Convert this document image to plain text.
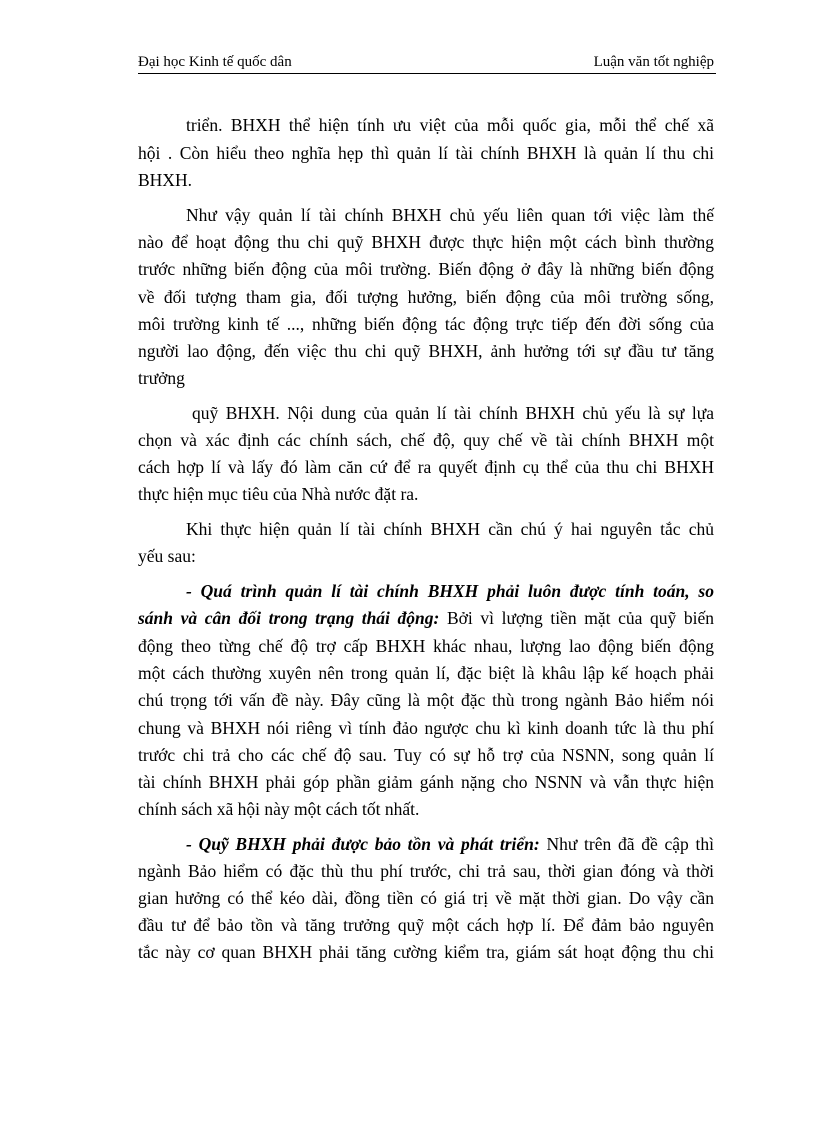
Đại học Kinh tế quốc dân	Luận văn tốt nghiệp
triển. BHXH thể hiện tính ưu việt của mỗi quốc gia, mỗi thể chế xã
hội . Còn hiểu theo nghĩa hẹp thì quản lí tài chính BHXH là quản lí thu chi
BHXH.
Như vậy quản lí tài chính BHXH chủ yếu liên quan tới việc làm thế
nào để hoạt động thu chi quỹ BHXH được thực hiện một cách bình thường
trước những biến động của môi trường. Biến động ở đây là những biến động
về đối tượng tham gia, đối tượng hưởng, biến động của môi trường sống,
môi trường kinh tế ..., những biến động tác động trực tiếp đến đời sống của
người lao động, đến việc thu chi quỹ BHXH, ảnh hưởng tới sự đầu tư tăng
trưởng
quỹ BHXH. Nội dung của quản lí tài chính BHXH chủ yếu là sự lựa
chọn và xác định các chính sách, chế độ, quy chế về tài chính BHXH một
cách hợp lí và lấy đó làm căn cứ để ra quyết định cụ thể của thu chi BHXH
thực hiện mục tiêu của Nhà nước đặt ra.
Khi thực hiện quản lí tài chính BHXH cần chú ý hai nguyên tắc chủ
yếu sau:
- Quá trình quản lí tài chính BHXH phải luôn được tính toán, so
sánh và cân đối trong trạng thái động: Bởi vì lượng tiền mặt của quỹ biến
động theo từng chế độ trợ cấp BHXH khác nhau, lượng lao động biến động
một cách thường xuyên nên trong quản lí, đặc biệt là khâu lập kế hoạch phải
chú trọng tới vấn đề này. Đây cũng là một đặc thù trong ngành Bảo hiểm nói
chung và BHXH nói riêng vì tính đảo ngược chu kì kinh doanh tức là thu phí
trước chi trả cho các chế độ sau. Tuy có sự hỗ trợ của NSNN, song quản lí
tài chính BHXH phải góp phần giảm gánh nặng cho NSNN và vẫn thực hiện
chính sách xã hội này một cách tốt nhất.
- Quỹ BHXH phải được bảo tồn và phát triển: Như trên đã đề cập thì
ngành Bảo hiểm có đặc thù thu phí trước, chi trả sau, thời gian đóng và thời
gian hưởng có thể kéo dài, đồng tiền có giá trị về mặt thời gian. Do vậy cần
đầu tư để bảo tồn và tăng trưởng quỹ một cách hợp lí. Để đảm bảo nguyên
tắc này cơ quan BHXH phải tăng cường kiểm tra, giám sát hoạt động thu chi
